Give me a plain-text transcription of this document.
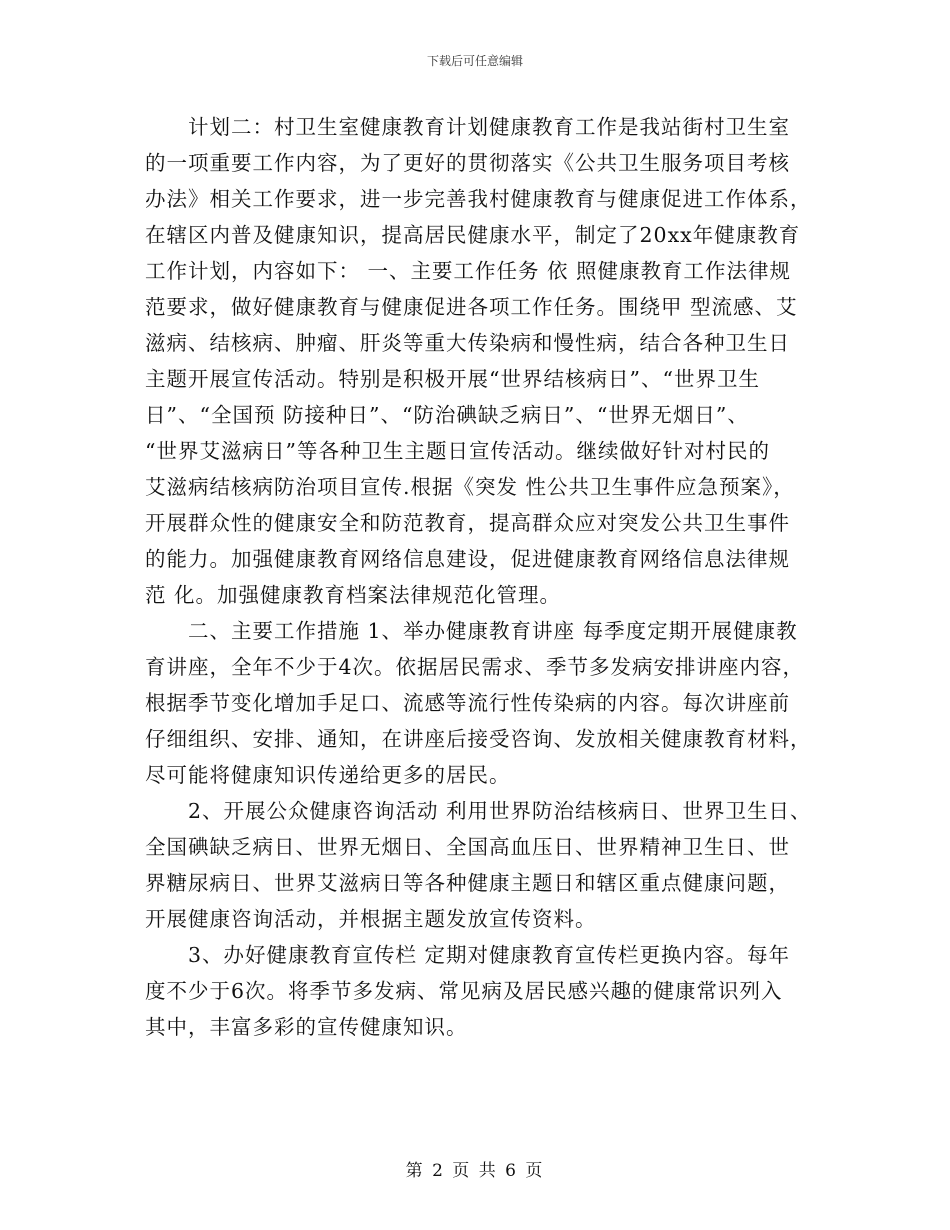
下载后可任意编辑
计划二：村卫生室健康教育计划健康教育工作是我站街村卫生室
的一项重要工作内容，为了更好的贯彻落实《公共卫生服务项目考核
办法》相关工作要求，进一步完善我村健康教育与健康促进工作体系，
在辖区内普及健康知识，提高居民健康水平，制定了20xx年健康教育
工作计划，内容如下： 一、主要工作任务 依 照健康教育工作法律规
范要求，做好健康教育与健康促进各项工作任务。围绕甲 型流感、艾
滋病、结核病、肿瘤、肝炎等重大传染病和慢性病，结合各种卫生日
主题开展宣传活动。特别是积极开展“世界结核病日”、“世界卫生
日”、“全国预 防接种日”、“防治碘缺乏病日”、“世界无烟日”、
“世界艾滋病日”等各种卫生主题日宣传活动。继续做好针对村民的
艾滋病结核病防治项目宣传.根据《突发 性公共卫生事件应急预案》，
开展群众性的健康安全和防范教育，提高群众应对突发公共卫生事件
的能力。加强健康教育网络信息建设，促进健康教育网络信息法律规
范 化。加强健康教育档案法律规范化管理。
二、主要工作措施 1、举办健康教育讲座 每季度定期开展健康教
育讲座，全年不少于4次。依据居民需求、季节多发病安排讲座内容，
根据季节变化增加手足口、流感等流行性传染病的内容。每次讲座前
仔细组织、安排、通知，在讲座后接受咨询、发放相关健康教育材料，
尽可能将健康知识传递给更多的居民。
2、开展公众健康咨询活动 利用世界防治结核病日、世界卫生日、
全国碘缺乏病日、世界无烟日、全国高血压日、世界精神卫生日、世
界糖尿病日、世界艾滋病日等各种健康主题日和辖区重点健康问题，
开展健康咨询活动，并根据主题发放宣传资料。
3、办好健康教育宣传栏 定期对健康教育宣传栏更换内容。每年
度不少于6次。将季节多发病、常见病及居民感兴趣的健康常识列入
其中，丰富多彩的宣传健康知识。
第 2 页 共 6 页
